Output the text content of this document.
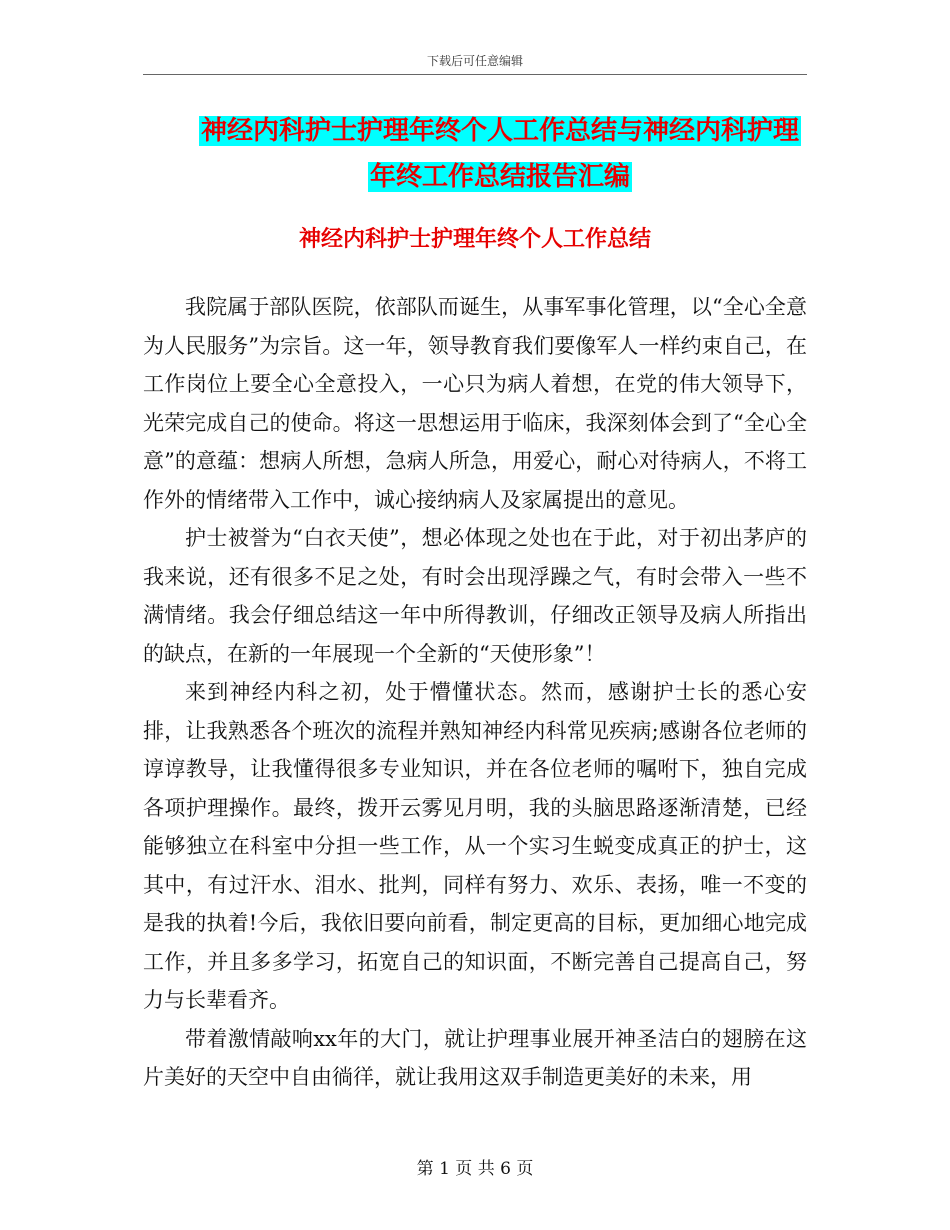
下载后可任意编辑
神经内科护士护理年终个人工作总结与神经内科护理
年终工作总结报告汇编
神经内科护士护理年终个人工作总结

我院属于部队医院，依部队而诞生，从事军事化管理，以“全心全意为人民服务”为宗旨。这一年，领导教育我们要像军人一样约束自己，在工作岗位上要全心全意投入，一心只为病人着想，在党的伟大领导下，光荣完成自己的使命。将这一思想运用于临床，我深刻体会到了“全心全意”的意蕴：想病人所想，急病人所急，用爱心，耐心对待病人，不将工作外的情绪带入工作中，诚心接纳病人及家属提出的意见。

护士被誉为“白衣天使”，想必体现之处也在于此，对于初出茅庐的我来说，还有很多不足之处，有时会出现浮躁之气，有时会带入一些不满情绪。我会仔细总结这一年中所得教训，仔细改正领导及病人所指出的缺点，在新的一年展现一个全新的“天使形象”！

来到神经内科之初，处于懵懂状态。然而，感谢护士长的悉心安排，让我熟悉各个班次的流程并熟知神经内科常见疾病;感谢各位老师的谆谆教导，让我懂得很多专业知识，并在各位老师的嘱咐下，独自完成各项护理操作。最终，拨开云雾见月明，我的头脑思路逐渐清楚，已经能够独立在科室中分担一些工作，从一个实习生蜕变成真正的护士，这其中，有过汗水、泪水、批判，同样有努力、欢乐、表扬，唯一不变的是我的执着!今后，我依旧要向前看，制定更高的目标，更加细心地完成工作，并且多多学习，拓宽自己的知识面，不断完善自己提高自己，努力与长辈看齐。

带着激情敲响xx年的大门，就让护理事业展开神圣洁白的翅膀在这片美好的天空中自由徜徉，就让我用这双手制造更美好的未来，用

第 1 页 共 6 页
